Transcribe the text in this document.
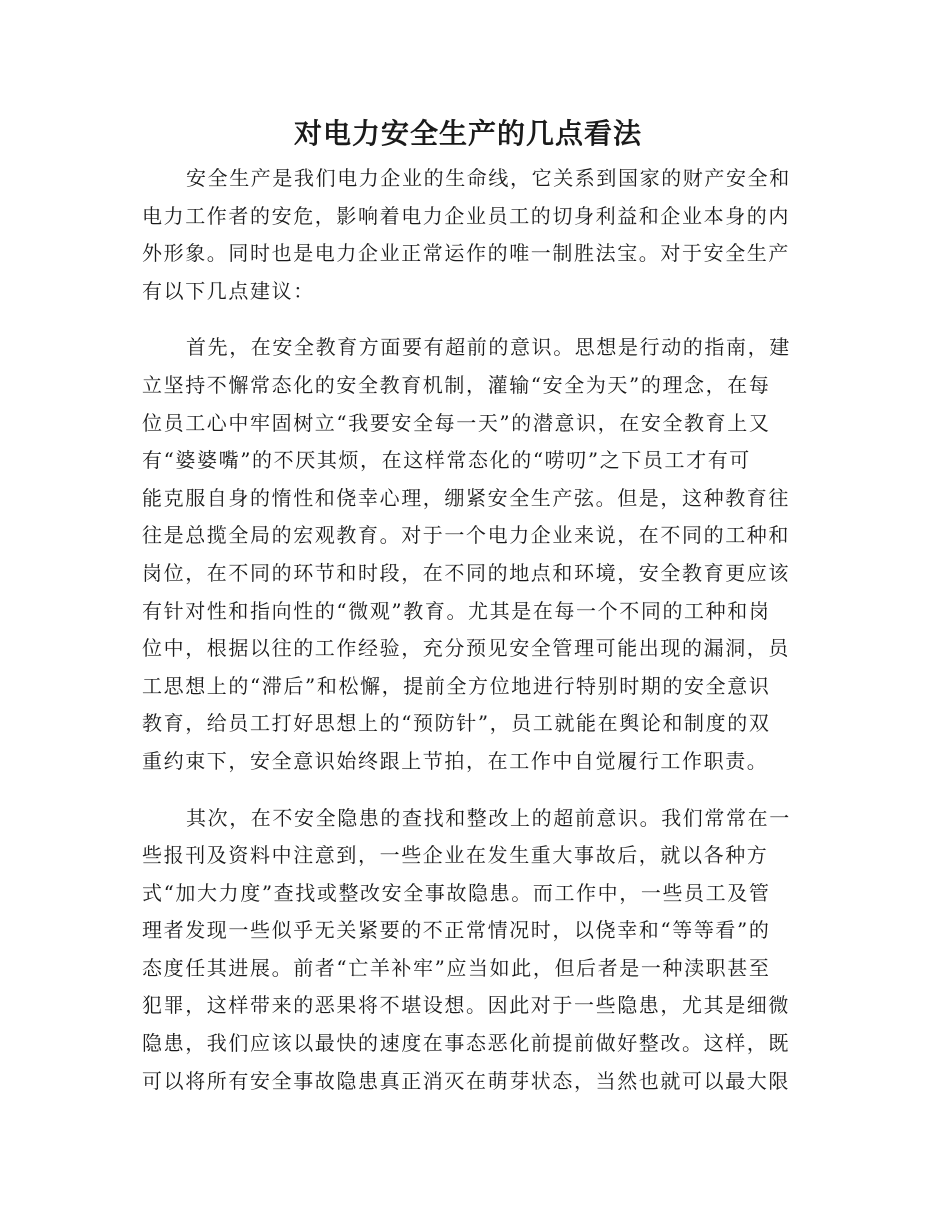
对电力安全生产的几点看法
安全生产是我们电力企业的生命线，它关系到国家的财产安全和
电力工作者的安危，影响着电力企业员工的切身利益和企业本身的内
外形象。同时也是电力企业正常运作的唯一制胜法宝。对于安全生产
有以下几点建议：
首先，在安全教育方面要有超前的意识。思想是行动的指南，建
立坚持不懈常态化的安全教育机制，灌输“安全为天”的理念，在每
位员工心中牢固树立“我要安全每一天”的潜意识，在安全教育上又
有“婆婆嘴”的不厌其烦，在这样常态化的“唠叨”之下员工才有可
能克服自身的惰性和侥幸心理，绷紧安全生产弦。但是，这种教育往
往是总揽全局的宏观教育。对于一个电力企业来说，在不同的工种和
岗位，在不同的环节和时段，在不同的地点和环境，安全教育更应该
有针对性和指向性的“微观”教育。尤其是在每一个不同的工种和岗
位中，根据以往的工作经验，充分预见安全管理可能出现的漏洞，员
工思想上的“滞后”和松懈，提前全方位地进行特别时期的安全意识
教育，给员工打好思想上的“预防针”，员工就能在舆论和制度的双
重约束下，安全意识始终跟上节拍，在工作中自觉履行工作职责。
其次，在不安全隐患的查找和整改上的超前意识。我们常常在一
些报刊及资料中注意到，一些企业在发生重大事故后，就以各种方
式“加大力度”查找或整改安全事故隐患。而工作中，一些员工及管
理者发现一些似乎无关紧要的不正常情况时，以侥幸和“等等看”的
态度任其进展。前者“亡羊补牢”应当如此，但后者是一种渎职甚至
犯罪，这样带来的恶果将不堪设想。因此对于一些隐患，尤其是细微
隐患，我们应该以最快的速度在事态恶化前提前做好整改。这样，既
可以将所有安全事故隐患真正消灭在萌芽状态，当然也就可以最大限
